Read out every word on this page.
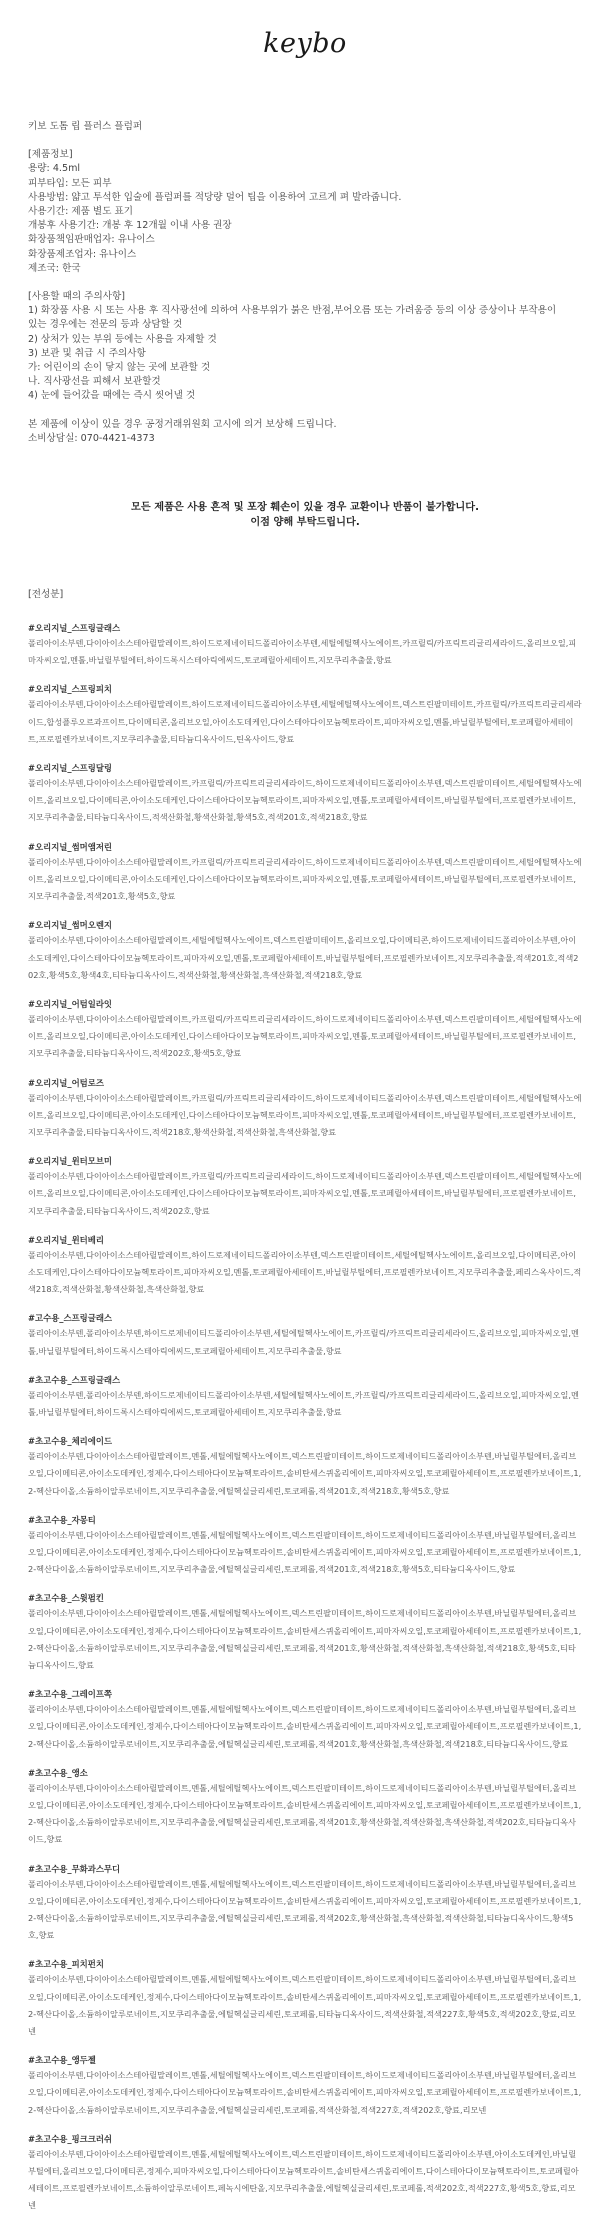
keybo

키보 도톰 립 플러스 플럼퍼

[제품정보]

용량: 4.5ml

피부타입: 모든 피부

사용방법: 얇고 투석한 입술에 플럼퍼를 적당량 덜어 팁을 이용하여 고르게 펴 발라줍니다.

사용기간: 제품 별도 표기

개봉후 사용기간: 개봉 후 12개월 이내 사용 권장

화장품책임판매업자: 유나이스

화장품제조업자: 유나이스

제조국: 한국

[사용할 때의 주의사항]

1) 화장품 사용 시 또는 사용 후 직사광선에 의하여 사용부위가 붉은 반점,부어오름 또는 가려움증 등의 이상 증상이나 부작용이

있는 경우에는 전문의 등과 상담할 것

2) 상처가 있는 부위 등에는 사용을 자제할 것

3) 보관 및 취급 시 주의사항

가: 어린이의 손이 닿지 않는 곳에 보관할 것

나. 직사광선을 피해서 보관할것

4) 눈에 들어갔을 때에는 즉시 씻어낼 것

본 제품에 이상이 있을 경우 공정거래위원회 고시에 의거 보상해 드립니다.

소비상담실: 070-4421-4373

모든 제품은 사용 흔적 및 포장 훼손이 있을 경우 교환이나 반품이 불가합니다.

이점 양해 부탁드립니다.

[전성분]
#오리지널_스프링글래스
폴리아이소부텐,다이아이소스테아릴말레이트,하이드로제네이티드폴리아이소부텐,세틸에틸헥사노에이트,카프릴릭/카프릭트리글리세라이드,올리브오일,피마자씨오일,멘톨,바닐릴부틸에터,하이드록시스테아릭에씨드,토코페릴아세테이트,지모쿠리추출물,향료
#오리지널_스프링피치
폴리아이소부텐,다이아이소스테아릴말레이트,하이드로제네이티드폴리아이소부텐,세틸에틸헥사노에이트,덱스트린팔미테이트,카프릴릭/카프릭트리글리세라이드,합성플루오르과프이트,다이메티콘,올리브오일,아이소도데케인,다이스테아다이모늄헥토라이트,피마자씨오일,멘톨,바닐릴부틸에터,토코페릴아세테이트,프로필렌카보네이트,지모쿠리추출물,티타늄디옥사이드,틴옥사이드,향료
#오리지널_스프링달링
폴리아이소부텐,다이아이소스테아릴말레이트,카프릴릭/카프릭트리글리세라이드,하이드로제네이티드폴리아이소부텐,덱스트린팔미테이트,세틸에틸헥사노에이트,올리브오일,다이메티콘,아이소도데케인,다이스테아다이모늄헥토라이트,피마자씨오일,멘톨,토코페릴아세테이트,바닐릴부틸에터,프로필렌카보네이트,지모쿠리추출물,티타늄디옥사이드,적색산화철,황색산화철,황색5호,적색201호,적색218호,향료
#오리지널_썸머앰저린
폴리아이소부텐,다이아이소스테아릴말레이트,카프릴릭/카프릭트리글리세라이드,하이드로제네이티드폴리아이소부텐,덱스트린팔미테이트,세틸에틸헥사노에이트,올리브오일,다이메티콘,아이소도데케인,다이스테아다이모늄헥토라이트,피마자씨오일,멘톨,토코페릴아세테이트,바닐릴부틸에터,프로필렌카보네이트,지모쿠리추출물,적색201호,황색5호,향료
#오리지널_썸머오렌지
폴리아이소부텐,다이아이소스테아릴말레이트,세틸에틸헥사노에이트,덱스트린팔미테이트,올리브오일,다이메티콘,하이드로제네이티드폴리아이소부텐,아이소도데케인,다이스테아다이모늄헥토라이트,피마자씨오일,멘톨,토코페릴아세테이트,바닐릴부틸에터,프로필렌카보네이트,지모쿠리추출물,적색201호,적색202호,황색5호,황색4호,티타늄디옥사이드,적색산화철,황색산화철,흑색산화철,적색218호,향료
#오리지널_어텀일라잇
폴리아이소부텐,다이아이소스테아릴말레이트,카프릴릭/카프릭트리글리세라이드,하이드로제네이티드폴리아이소부텐,덱스트린팔미테이트,세틸에틸헥사노에이트,올리브오일,다이메티콘,아이소도데케인,다이스테아다이모늄헥토라이트,피마자씨오일,멘톨,토코페릴아세테이트,바닐릴부틸에터,프로필렌카보네이트,지모쿠리추출물,티타늄디옥사이드,적색202호,황색5호,향료
#오리지널_어텀로즈
폴리아이소부텐,다이아이소스테아릴말레이트,카프릴릭/카프릭트리글리세라이드,하이드로제네이티드폴리아이소부텐,덱스트린팔미테이트,세틸에틸헥사노에이트,올리브오일,다이메티콘,아이소도데케인,다이스테아다이모늄헥토라이트,피마자씨오일,멘톨,토코페릴아세테이트,바닐릴부틸에터,프로필렌카보네이트,지모쿠리추출물,티타늄디옥사이드,적색218호,황색산화철,적색산화철,흑색산화철,향료
#오리지널_윈터모브미
폴리아이소부텐,다이아이소스테아릴말레이트,카프릴릭/카프릭트리글리세라이드,하이드로제네이티드폴리아이소부텐,덱스트린팔미테이트,세틸에틸헥사노에이트,올리브오일,다이메티콘,아이소도데케인,다이스테아다이모늄헥토라이트,피마자씨오일,멘톨,토코페릴아세테이트,바닐릴부틸에터,프로필렌카보네이트,지모쿠리추출물,티타늄디옥사이드,적색202호,향료
#오리지널_윈터베리
폴리아이소부텐,다이아이소스테아릴말레이트,하이드로제네이티드폴리아이소부텐,덱스트린팔미테이트,세틸에틸헥사노에이트,올리브오일,다이메티콘,아이소도데케인,다이스테아다이모늄헥토라이트,피마자씨오일,멘톨,토코페릴아세테이트,바닐릴부틸에터,프로필렌카보네이트,지모쿠리추출물,페리스옥사이드,적색218호,적색산화철,황색산화철,흑색산화철,향료
#고수용_스프링글래스
폴리아이소부텐,폴리아이소부텐,하이드로제네이티드폴리아이소부텐,세틸에틸헥사노에이트,카프릴릭/카프릭트리글리세라이드,올리브오일,피마자씨오일,멘톨,바닐릴부틸에터,하이드록시스테아릭에씨드,토코페릴아세테이트,지모쿠리추출물,향료
#초고수용_스프링글래스
폴리아이소부텐,폴리아이소부텐,하이드로제네이티드폴리아이소부텐,세틸에틸헥사노에이트,카프릴릭/카프릭트리글리세라이드,올리브오일,피마자씨오일,멘톨,바닐릴부틸에터,하이드록시스테아릭에씨드,토코페릴아세테이트,지모쿠리추출물,향료
#초고수용_체리에이드
폴리아이소부텐,다이아이소스테아릴말레이트,멘톨,세틸에틸헥사노에이트,덱스트린팔미테이트,하이드로제네이티드폴리아이소부텐,바닐릴부틸에터,올리브오일,다이메티콘,아이소도데케인,정제수,다이스테아다이모늄헥토라이트,솔비탄세스퀴올리에이트,피마자씨오일,토코페릴아세테이트,프로필렌카보네이트,1,2-헥산다이올,소듐하이알루로네이트,지모쿠리추출물,에틸헥실글리세린,토코페롤,적색201호,적색218호,황색5호,향료
#초고수용_자몽티
폴리아이소부텐,다이아이소스테아릴말레이트,멘톨,세틸에틸헥사노에이트,덱스트린팔미테이트,하이드로제네이티드폴리아이소부텐,바닐릴부틸에터,올리브오일,다이메티콘,아이소도데케인,정제수,다이스테아다이모늄헥토라이트,솔비탄세스퀴올리에이트,피마자씨오일,토코페릴아세테이트,프로필렌카보네이트,1,2-헥산다이올,소듐하이알루로네이트,지모쿠리추출물,에틸헥실글리세린,토코페롤,적색201호,적색218호,황색5호,티타늄디옥사이드,향료
#초고수용_스윗펌킨
폴리아이소부텐,다이아이소스테아릴말레이트,멘톨,세틸에틸헥사노에이트,덱스트린팔미테이트,하이드로제네이티드폴리아이소부텐,바닐릴부틸에터,올리브오일,다이메티콘,아이소도데케인,정제수,다이스테아다이모늄헥토라이트,솔비탄세스퀴올리에이트,피마자씨오일,토코페릴아세테이트,프로필렌카보네이트,1,2-헥산다이올,소듐하이알루로네이트,지모쿠리추출물,에틸헥실글리세린,토코페롤,적색201호,황색산화철,적색산화철,흑색산화철,적색218호,황색5호,티타늄디옥사이드,향료
#초고수용_그레이프쪽
폴리아이소부텐,다이아이소스테아릴말레이트,멘톨,세틸에틸헥사노에이트,덱스트린팔미테이트,하이드로제네이티드폴리아이소부텐,바닐릴부틸에터,올리브오일,다이메티콘,아이소도데케인,정제수,다이스테아다이모늄헥토라이트,솔비탄세스퀴올리에이트,피마자씨오일,토코페릴아세테이트,프로필렌카보네이트,1,2-헥산다이올,소듐하이알루로네이트,지모쿠리추출물,에틸헥실글리세린,토코페롤,적색201호,황색산화철,흑색산화철,적색218호,티타늄디옥사이드,향료
#초고수용_앵소
폴리아이소부텐,다이아이소스테아릴말레이트,멘톨,세틸에틸헥사노에이트,덱스트린팔미테이트,하이드로제네이티드폴리아이소부텐,바닐릴부틸에터,올리브오일,다이메티콘,아이소도데케인,정제수,다이스테아다이모늄헥토라이트,솔비탄세스퀴올리에이트,피마자씨오일,토코페릴아세테이트,프로필렌카보네이트,1,2-헥산다이올,소듐하이알루로네이트,지모쿠리추출물,에틸헥실글리세린,토코페롤,적색201호,황색산화철,적색산화철,흑색산화철,적색202호,티타늄디옥사이드,향료
#초고수용_무화과스무디
폴리아이소부텐,다이아이소스테아릴말레이트,멘톨,세틸에틸헥사노에이트,덱스트린팔미테이트,하이드로제네이티드폴리아이소부텐,바닐릴부틸에터,올리브오일,다이메티콘,아이소도데케인,정제수,다이스테아다이모늄헥토라이트,솔비탄세스퀴올리에이트,피마자씨오일,토코페릴아세테이트,프로필렌카보네이트,1,2-헥산다이올,소듐하이알루로네이트,지모쿠리추출물,에틸헥실글리세린,토코페롤,적색202호,황색산화철,흑색산화철,적색산화철,티타늄디옥사이드,황색5호,향료
#초고수용_피치펀치
폴리아이소부텐,다이아이소스테아릴말레이트,멘톨,세틸에틸헥사노에이트,덱스트린팔미테이트,하이드로제네이티드폴리아이소부텐,바닐릴부틸에터,올리브오일,다이메티콘,아이소도데케인,정제수,다이스테아다이모늄헥토라이트,솔비탄세스퀴올리에이트,피마자씨오일,토코페릴아세테이트,프로필렌카보네이트,1,2-헥산다이올,소듐하이알루로네이트,지모쿠리추출물,에틸헥실글리세린,토코페롤,티타늄디옥사이드,적색산화철,적색227호,황색5호,적색202호,향료,리모넨
#초고수용_앵두젤
폴리아이소부텐,다이아이소스테아릴말레이트,멘톨,세틸에틸헥사노에이트,덱스트린팔미테이트,하이드로제네이티드폴리아이소부텐,바닐릴부틸에터,올리브오일,다이메티콘,아이소도데케인,정제수,다이스테아다이모늄헥토라이트,솔비탄세스퀴올리에이트,피마자씨오일,토코페릴아세테이트,프로필렌카보네이트,1,2-헥산다이올,소듐하이알루로네이트,지모쿠리추출물,에틸헥실글리세린,토코페롤,적색산화철,적색227호,적색202호,향료,리모넨
#초고수용_핑크크러쉬
폴리아이소부텐,다이아이소스테아릴말레이트,멘톨,세틸에틸헥사노에이트,덱스트린팔미테이트,하이드로제네이티드폴리아이소부텐,아이소도데케인,바닐릴부틸에터,올리브오일,다이메티콘,정제수,피마자씨오일,다이스테아다이모늄헥토라이트,솔비탄세스퀴올리에이트,다이스테아다이모늄헥토라이트,토코페릴아세테이트,프로필렌카보네이트,소듐하이알루로네이트,페녹시에탄올,지모쿠리추출물,에틸헥실글리세린,토코페롤,적색202호,적색227호,황색5호,향료,리모넨
